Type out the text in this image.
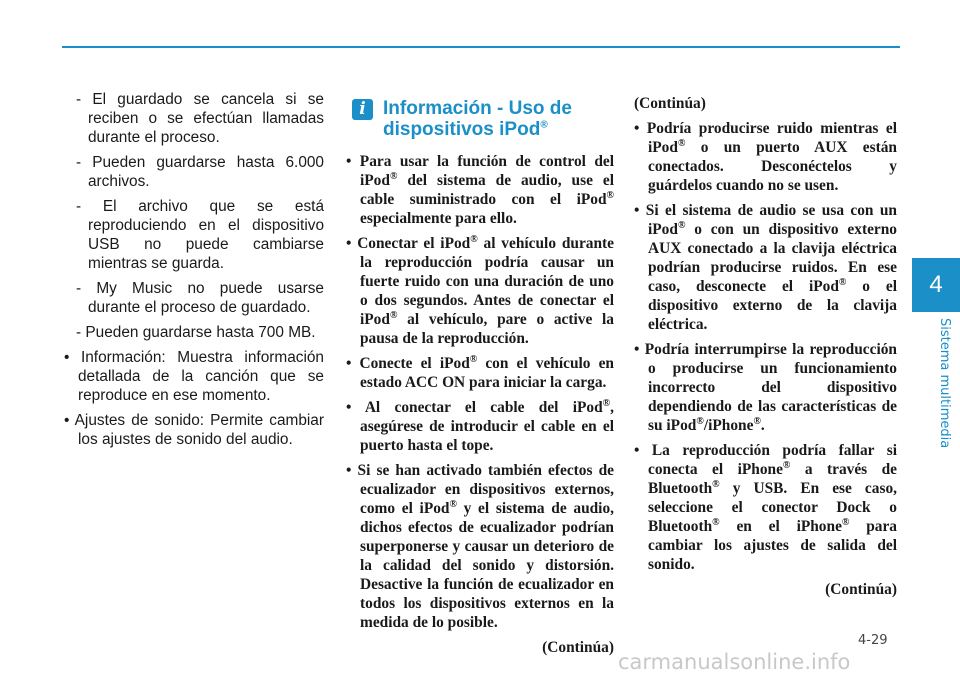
4
Sistema multimedia
- El guardado se cancela si se reciben o se efectúan llamadas durante el proceso.
- Pueden guardarse hasta 6.000 archivos.
- El archivo que se está reproduciendo en el dispositivo USB no puede cambiarse mientras se guarda.
- My Music no puede usarse durante el proceso de guardado.
- Pueden guardarse hasta 700 MB.
• Información: Muestra información detallada de la canción que se reproduce en ese momento.
• Ajustes de sonido: Permite cambiar los ajustes de sonido del audio.
i Información - Uso de
dispositivos iPod®
• Para usar la función de control del iPod® del sistema de audio, use el cable suministrado con el iPod® especialmente para ello.
• Conectar el iPod® al vehículo durante la reproducción podría causar un fuerte ruido con una duración de uno o dos segundos. Antes de conectar el iPod® al vehículo, pare o active la pausa de la reproducción.
• Conecte el iPod® con el vehículo en estado ACC ON para iniciar la carga.
• Al conectar el cable del iPod®, asegúrese de introducir el cable en el puerto hasta el tope.
• Si se han activado también efectos de ecualizador en dispositivos externos, como el iPod® y el sistema de audio, dichos efectos de ecualizador podrían superponerse y causar un deterioro de la calidad del sonido y distorsión. Desactive la función de ecualizador en todos los dispositivos externos en la medida de lo posible.
(Continúa)
(Continúa)
• Podría producirse ruido mientras el iPod® o un puerto AUX están conectados. Desconéctelos y guárdelos cuando no se usen.
• Si el sistema de audio se usa con un iPod® o con un dispositivo externo AUX conectado a la clavija eléctrica podrían producirse ruidos. En ese caso, desconecte el iPod® o el dispositivo externo de la clavija eléctrica.
• Podría interrumpirse la reproducción o producirse un funcionamiento incorrecto del dispositivo dependiendo de las características de su iPod®/iPhone®.
• La reproducción podría fallar si conecta el iPhone® a través de Bluetooth® y USB. En ese caso, seleccione el conector Dock o Bluetooth® en el iPhone® para cambiar los ajustes de salida del sonido.
(Continúa)
4-29
carmanualsonline.info
